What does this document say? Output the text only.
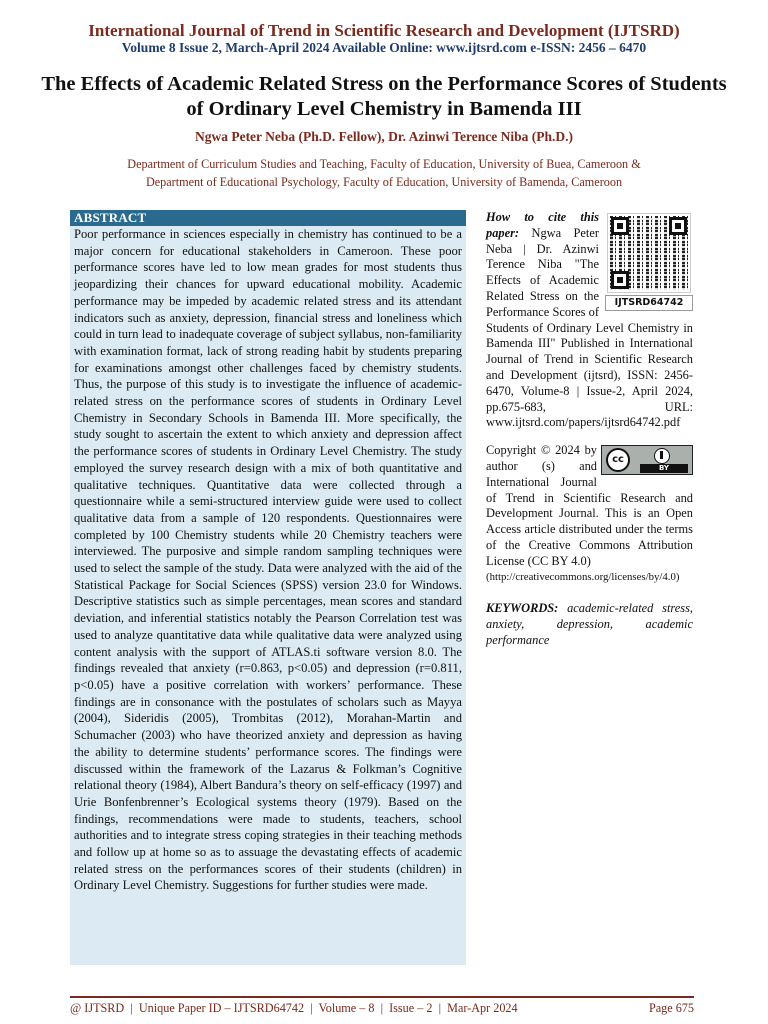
International Journal of Trend in Scientific Research and Development (IJTSRD)
Volume 8 Issue 2, March-April 2024 Available Online: www.ijtsrd.com e-ISSN: 2456 – 6470
The Effects of Academic Related Stress on the Performance Scores of Students of Ordinary Level Chemistry in Bamenda III
Ngwa Peter Neba (Ph.D. Fellow), Dr. Azinwi Terence Niba (Ph.D.)
Department of Curriculum Studies and Teaching, Faculty of Education, University of Buea, Cameroon &
Department of Educational Psychology, Faculty of Education, University of Bamenda, Cameroon
ABSTRACT
Poor performance in sciences especially in chemistry has continued to be a major concern for educational stakeholders in Cameroon. These poor performance scores have led to low mean grades for most students thus jeopardizing their chances for upward educational mobility. Academic performance may be impeded by academic related stress and its attendant indicators such as anxiety, depression, financial stress and loneliness which could in turn lead to inadequate coverage of subject syllabus, non-familiarity with examination format, lack of strong reading habit by students preparing for examinations amongst other challenges faced by chemistry students. Thus, the purpose of this study is to investigate the influence of academic-related stress on the performance scores of students in Ordinary Level Chemistry in Secondary Schools in Bamenda III. More specifically, the study sought to ascertain the extent to which anxiety and depression affect the performance scores of students in Ordinary Level Chemistry. The study employed the survey research design with a mix of both quantitative and qualitative techniques. Quantitative data were collected through a questionnaire while a semi-structured interview guide were used to collect qualitative data from a sample of 120 respondents. Questionnaires were completed by 100 Chemistry students while 20 Chemistry teachers were interviewed. The purposive and simple random sampling techniques were used to select the sample of the study. Data were analyzed with the aid of the Statistical Package for Social Sciences (SPSS) version 23.0 for Windows. Descriptive statistics such as simple percentages, mean scores and standard deviation, and inferential statistics notably the Pearson Correlation test was used to analyze quantitative data while qualitative data were analyzed using content analysis with the support of ATLAS.ti software version 8.0. The findings revealed that anxiety (r=0.863, p<0.05) and depression (r=0.811, p<0.05) have a positive correlation with workers’ performance. These findings are in consonance with the postulates of scholars such as Mayya (2004), Sideridis (2005), Trombitas (2012), Morahan-Martin and Schumacher (2003) who have theorized anxiety and depression as having the ability to determine students’ performance scores. The findings were discussed within the framework of the Lazarus & Folkman’s Cognitive relational theory (1984), Albert Bandura’s theory on self-efficacy (1997) and Urie Bonfenbrenner’s Ecological systems theory (1979). Based on the findings, recommendations were made to students, teachers, school authorities and to integrate stress coping strategies in their teaching methods and follow up at home so as to assuage the devastating effects of academic related stress on the performances scores of their students (children) in Ordinary Level Chemistry. Suggestions for further studies were made.
IJTSRD64742
How to cite this paper: Ngwa Peter Neba | Dr. Azinwi Terence Niba "The Effects of Academic Related Stress on the Performance Scores of Students of Ordinary Level Chemistry in Bamenda III" Published in International Journal of Trend in Scientific Research and Development (ijtsrd), ISSN: 2456-6470, Volume-8 | Issue-2, April 2024, pp.675-683, URL: www.ijtsrd.com/papers/ijtsrd64742.pdf
cc
BY
Copyright © 2024 by author (s) and International Journal of Trend in Scientific Research and Development Journal. This is an Open Access article distributed under the terms of the Creative Commons Attribution License (CC BY 4.0)
(http://creativecommons.org/licenses/by/4.0)
KEYWORDS: academic-related stress, anxiety, depression, academic performance
@ IJTSRD  |  Unique Paper ID – IJTSRD64742  |  Volume – 8  |  Issue – 2  |  Mar-Apr 2024	Page 675
